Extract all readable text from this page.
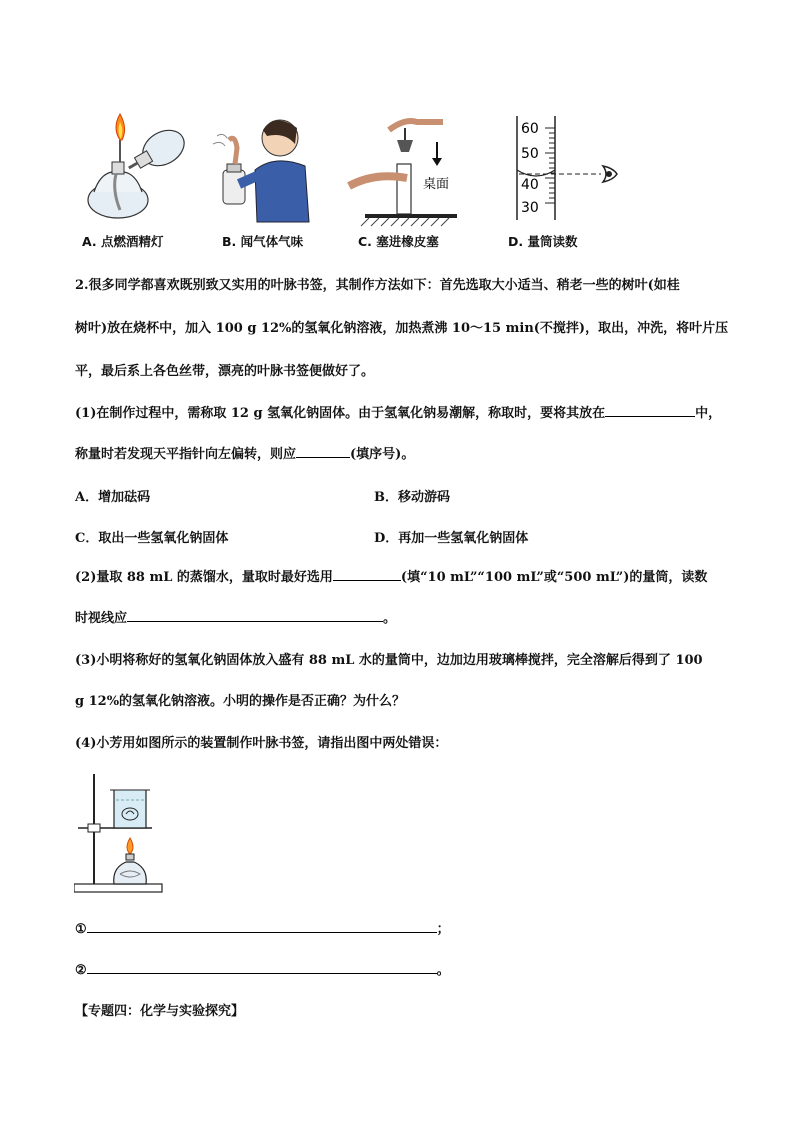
A. 点燃酒精灯	B. 闻气体气味
桌面
C. 塞进橡皮塞
60
50
40
30
D. 量筒读数
2.很多同学都喜欢既别致又实用的叶脉书签，其制作方法如下：首先选取大小适当、稍老一些的树叶(如桂
树叶)放在烧杯中，加入 100 g 12%的氢氧化钠溶液，加热煮沸 10～15 min(不搅拌)，取出，冲洗，将叶片压
平，最后系上各色丝带，漂亮的叶脉书签便做好了。
(1)在制作过程中，需称取 12 g 氢氧化钠固体。由于氢氧化钠易潮解，称取时，要将其放在	中，
称量时若发现天平指针向左偏转，则应	(填序号)。
A．增加砝码	B．移动游码
C．取出一些氢氧化钠固体	D．再加一些氢氧化钠固体
(2)量取 88 mL 的蒸馏水，量取时最好选用	(填“10 mL”“100 mL”或“500 mL”)的量筒，读数
时视线应	。
(3)小明将称好的氢氧化钠固体放入盛有 88 mL 水的量筒中，边加边用玻璃棒搅拌，完全溶解后得到了 100
g 12%的氢氧化钠溶液。小明的操作是否正确？为什么？
(4)小芳用如图所示的装置制作叶脉书签，请指出图中两处错误：
①	；
②	。
【专题四：化学与实验探究】
